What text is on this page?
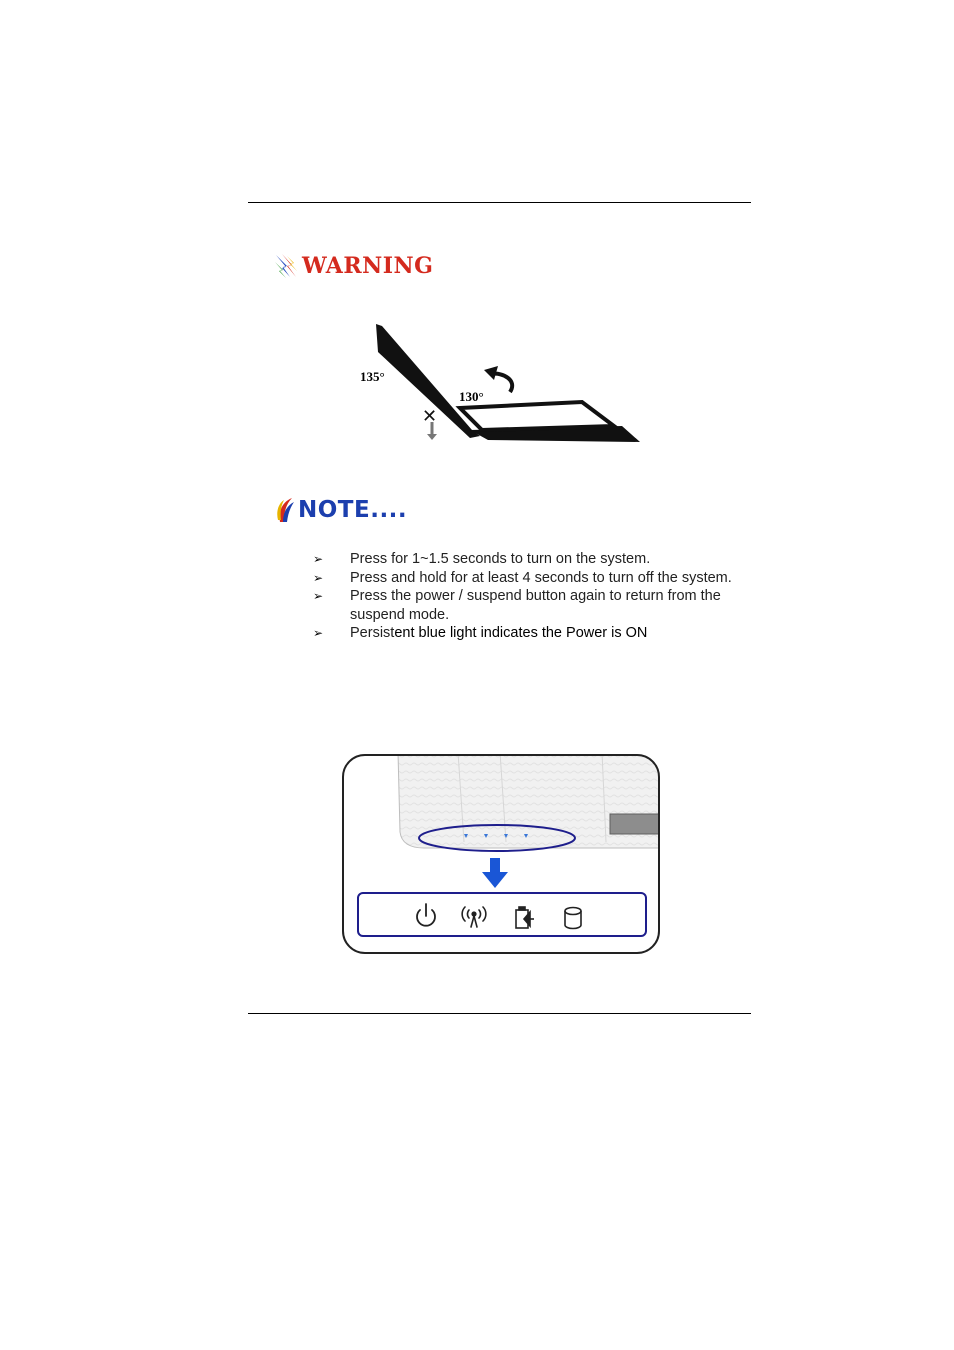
WARNING
✕
135°
130°
NOTE....
➢ Press for 1~1.5 seconds to turn on the system.
➢ Press and hold for at least 4 seconds to turn off the system.
➢ Press the power / suspend button again to return from the suspend mode.
➢ Persistent blue light indicates the Power is ON
